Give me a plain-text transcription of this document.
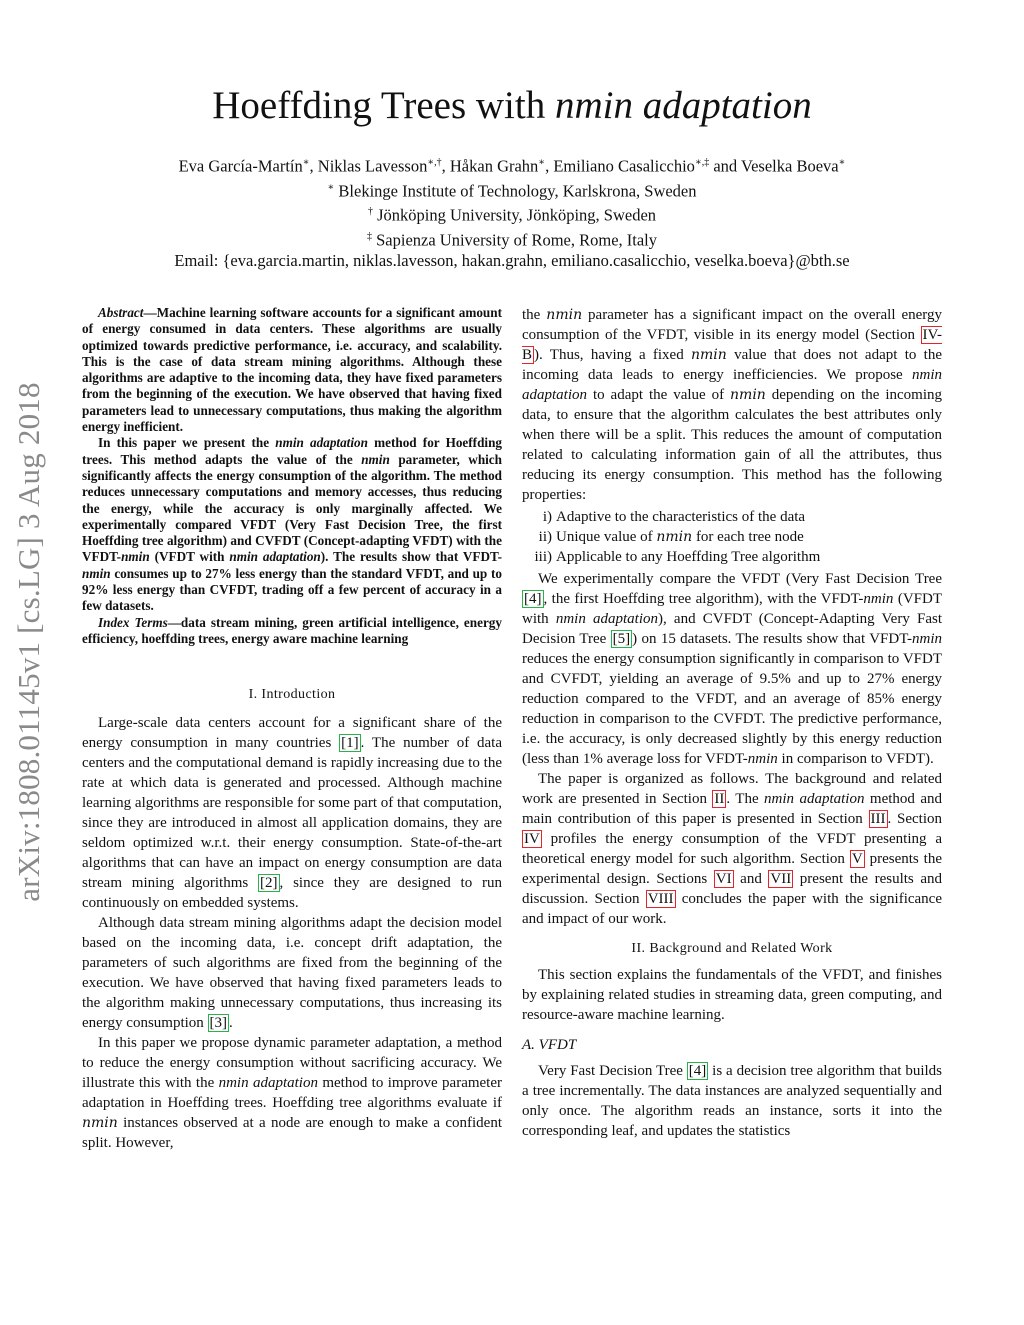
Hoeffding Trees with nmin adaptation
Eva García-Martín∗, Niklas Lavesson∗,†, Håkan Grahn∗, Emiliano Casalicchio∗,‡ and Veselka Boeva∗
∗ Blekinge Institute of Technology, Karlskrona, Sweden
† Jönköping University, Jönköping, Sweden
‡ Sapienza University of Rome, Rome, Italy
Email: {eva.garcia.martin, niklas.lavesson, hakan.grahn, emiliano.casalicchio, veselka.boeva}@bth.se
arXiv:1808.01145v1 [cs.LG] 3 Aug 2018

Abstract—Machine learning software accounts for a significant amount of energy consumed in data centers. These algorithms are usually optimized towards predictive performance, i.e. accuracy, and scalability. This is the case of data stream mining algorithms. Although these algorithms are adaptive to the incoming data, they have fixed parameters from the beginning of the execution. We have observed that having fixed parameters lead to unnecessary computations, thus making the algorithm energy inefficient.

In this paper we present the nmin adaptation method for Hoeffding trees. This method adapts the value of the nmin parameter, which significantly affects the energy consumption of the algorithm. The method reduces unnecessary computations and memory accesses, thus reducing the energy, while the accuracy is only marginally affected. We experimentally compared VFDT (Very Fast Decision Tree, the first Hoeffding tree algorithm) and CVFDT (Concept-adapting VFDT) with the VFDT-nmin (VFDT with nmin adaptation). The results show that VFDT-nmin consumes up to 27% less energy than the standard VFDT, and up to 92% less energy than CVFDT, trading off a few percent of accuracy in a few datasets.

Index Terms—data stream mining, green artificial intelligence, energy efficiency, hoeffding trees, energy aware machine learning

I. Introduction

Large-scale data centers account for a significant share of the energy consumption in many countries [1] . The number of data centers and the computational demand is rapidly increasing due to the rate at which data is generated and processed. Although machine learning algorithms are responsible for some part of that computation, since they are introduced in almost all application domains, they are seldom optimized w.r.t. their energy consumption. State-of-the-art algorithms that can have an impact on energy consumption are data stream mining algorithms [2] , since they are designed to run continuously on embedded systems.

Although data stream mining algorithms adapt the decision model based on the incoming data, i.e. concept drift adaptation, the parameters of such algorithms are fixed from the beginning of the execution. We have observed that having fixed parameters leads to the algorithm making unnecessary computations, thus increasing its energy consumption [3] .

In this paper we propose dynamic parameter adaptation, a method to reduce the energy consumption without sacrificing accuracy. We illustrate this with the nmin adaptation method to improve parameter adaptation in Hoeffding trees. Hoeffding tree algorithms evaluate if nmin instances observed at a node are enough to make a confident split. However,

the nmin parameter has a significant impact on the overall energy consumption of the VFDT, visible in its energy model (Section IV-B ). Thus, having a fixed nmin value that does not adapt to the incoming data leads to energy inefficiencies. We propose nmin adaptation to adapt the value of nmin depending on the incoming data, to ensure that the algorithm calculates the best attributes only when there will be a split. This reduces the amount of computation related to calculating information gain of all the attributes, thus reducing its energy consumption. This method has the following properties:

i) Adaptive to the characteristics of the data
ii) Unique value of nmin for each tree node
iii) Applicable to any Hoeffding Tree algorithm

We experimentally compare the VFDT (Very Fast Decision Tree [4] , the first Hoeffding tree algorithm), with the VFDT-nmin (VFDT with nmin adaptation), and CVFDT (Concept-Adapting Very Fast Decision Tree [5] ) on 15 datasets. The results show that VFDT-nmin reduces the energy consumption significantly in comparison to VFDT and CVFDT, yielding an average of 9.5% and up to 27% energy reduction compared to the VFDT, and an average of 85% energy reduction in comparison to the CVFDT. The predictive performance, i.e. the accuracy, is only decreased slightly by this energy reduction (less than 1% average loss for VFDT-nmin in comparison to VFDT).

The paper is organized as follows. The background and related work are presented in Section II . The nmin adaptation method and main contribution of this paper is presented in Section III . Section IV profiles the energy consumption of the VFDT presenting a theoretical energy model for such algorithm. Section V presents the experimental design. Sections VI and VII present the results and discussion. Section VIII concludes the paper with the significance and impact of our work.

II. Background and Related Work

This section explains the fundamentals of the VFDT, and finishes by explaining related studies in streaming data, green computing, and resource-aware machine learning.

A. VFDT

Very Fast Decision Tree [4] is a decision tree algorithm that builds a tree incrementally. The data instances are analyzed sequentially and only once. The algorithm reads an instance, sorts it into the corresponding leaf, and updates the statistics
